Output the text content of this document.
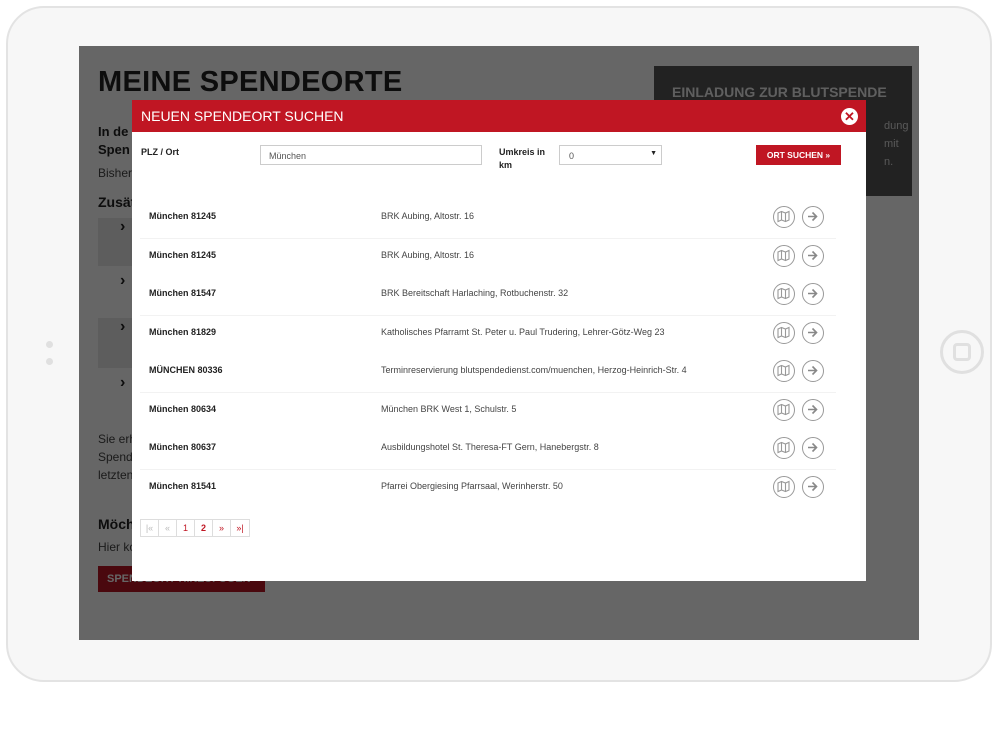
NEUEN SPENDEORT SUCHEN	✕
PLZ / Ort	München	Umkreis in
km
0	▼	ORT SUCHEN »
München 81245	BRK Aubing, Altostr. 16
München 81245	BRK Aubing, Altostr. 16
München 81547	BRK Bereitschaft Harlaching, Rotbuchenstr. 32
München 81829	Katholisches Pfarramt St. Peter u. Paul Trudering, Lehrer-Götz-Weg 23
MÜNCHEN 80336	Terminreservierung blutspendedienst.com/muenchen, Herzog-Heinrich-Str. 4
München 80634	München BRK West 1, Schulstr. 5
München 80637	Ausbildungshotel St. Theresa-FT Gern, Hanebergstr. 8
München 81541	Pfarrei Obergiesing Pfarrsaal, Werinherstr. 50
|«	«	1	2	»	»|
